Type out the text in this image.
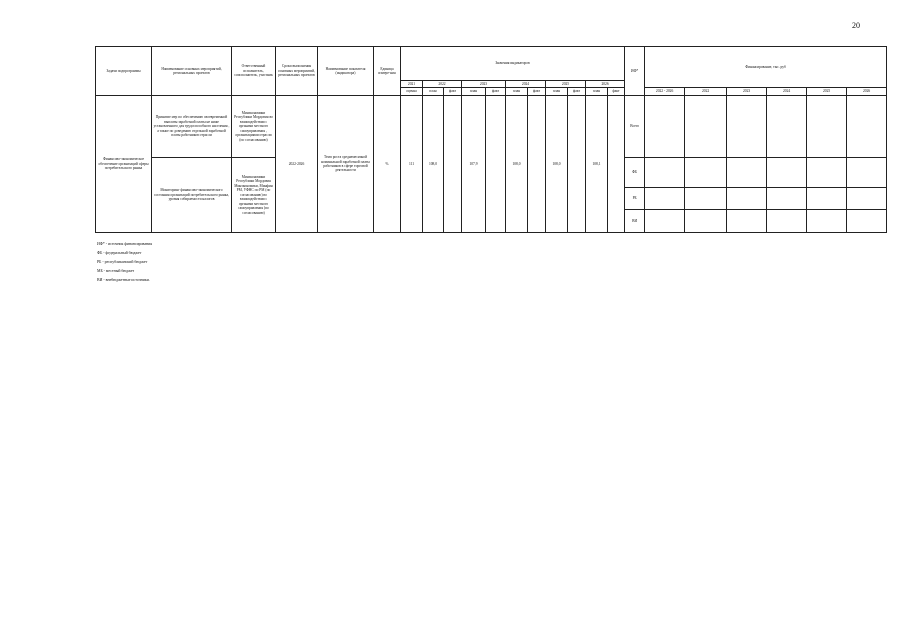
20
Задачи подпрограммы	Наименование основных мероприятий, региональных проектов	Ответственный исполнитель, соисполнитель, участник	Сроки выполнения основных мероприятий, региональных проектов	Наименование показателя (индикатора)	Единица измере-ния	Значения индикаторов											ИФ*	Финансирование, тыс. руб					
						2021	2022		2023		2024		2025		2026								
						оценка	план	факт	план	факт	план	факт	план	факт	план	факт		2022 - 2026	2022	2023	2024	2025	2026
Финансово-экономическое обеспечение организаций сферы потребительского рынка	Принятие мер по обеспечению своевременной выплаты заработной платы не ниже установленного для трудоспособного населения , а также по доведению отдельной заработной платы работников отрасли	Минэкономики Республики Мордовия во взаимодействии с органами местного самоуправления , организациями отрасли (по согласованию)	2022-2026	Темп роста среднемесячной номинальной заработной платы работников в сфере торговой деятельности	%	111	108,0		107,9		108,0		108,0		108,1		Всего						
	Мониторинг финансово-экономического состояния организаций потребительского рынка, уровня собираемости налогов	Минэкономики Республики Мордовия Минэкономики, Минфин РМ, УФНС по РМ (по согласованию) во взаимодействии с органами местного самоуправления (по согласованию)															ФБ						
																	РБ						
																	ВИ						
ИФ* - источник финансирования
ФБ - федеральный бюджет
РБ - республиканский бюджет
МБ - местный бюджет
ВИ - внебюджетные источники.
